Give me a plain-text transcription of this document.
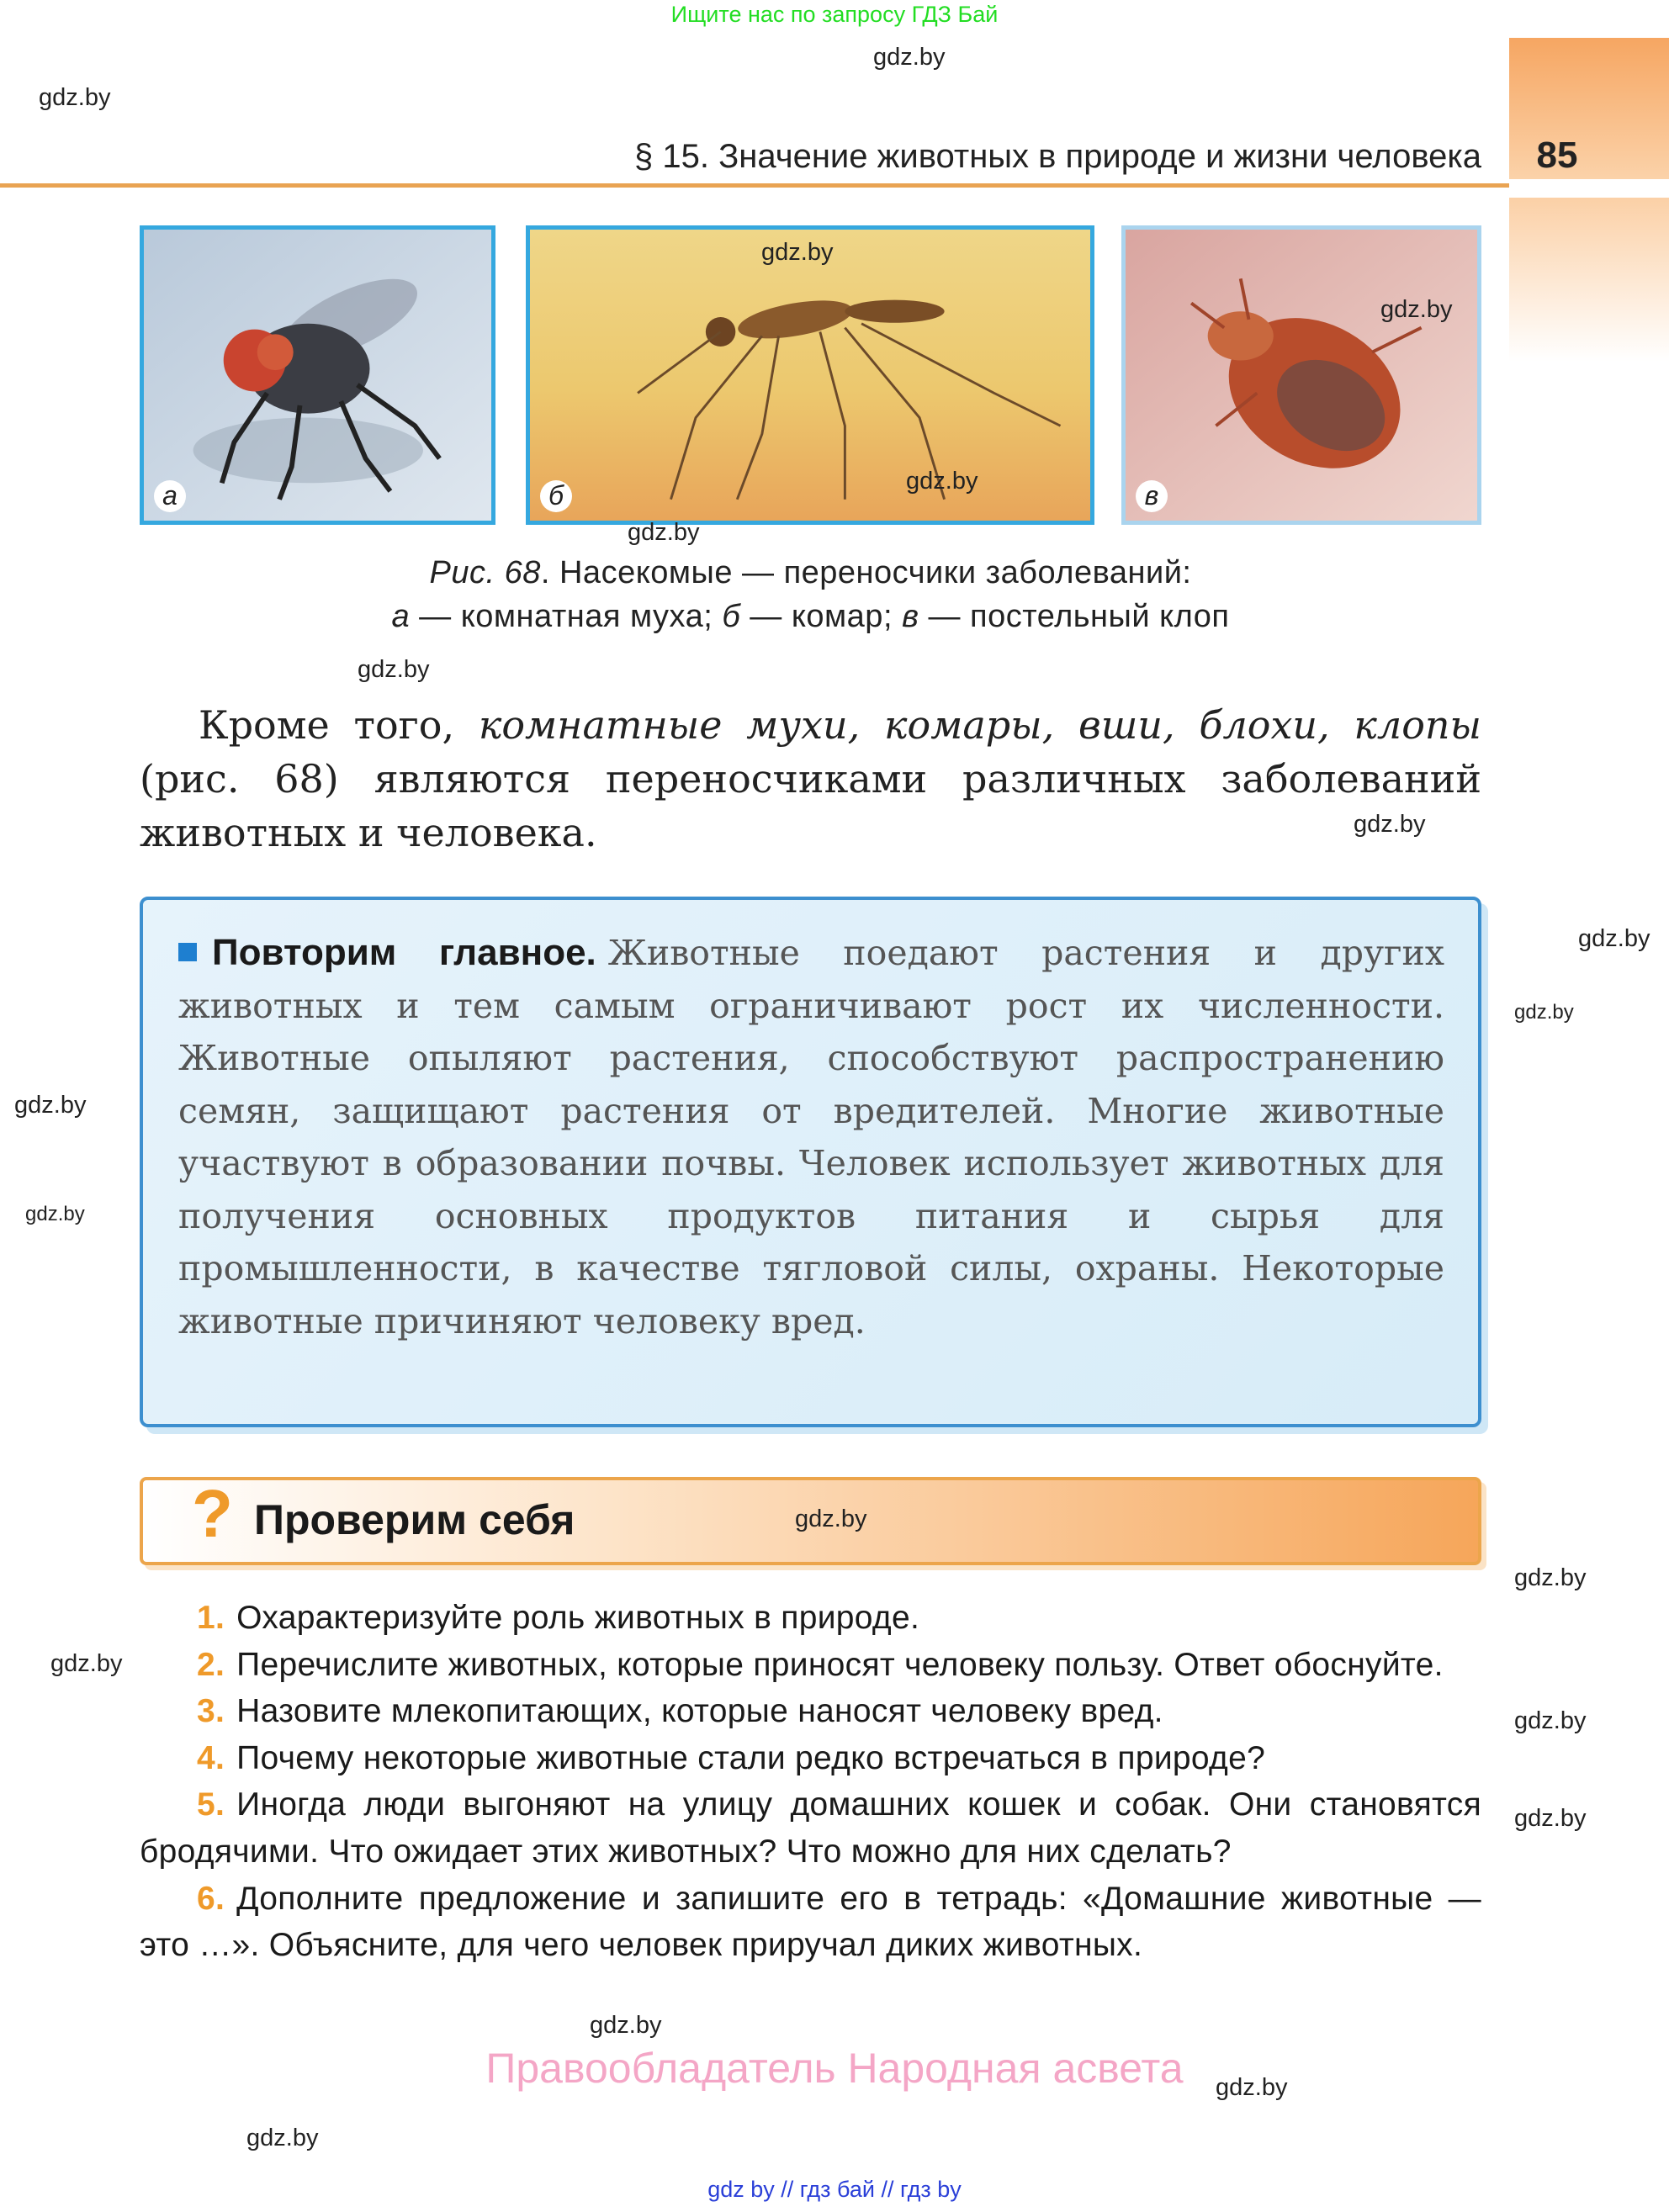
Ищите нас по запросу ГДЗ Бай
§ 15. Значение животных в природе и жизни человека	85
а	б	в
Рис. 68. Насекомые — переносчики заболеваний:
а — комнатная муха; б — комар; в — постельный клоп
Кроме того, комнатные мухи, комары, вши, блохи, клопы (рис. 68) являются переносчиками различных заболеваний животных и человека.

Повторим главное. Животные поедают растения и других животных и тем самым ограничивают рост их численности. Животные опыляют растения, способствуют распространению семян, защищают растения от вредителей. Многие животные участвуют в образовании почвы. Человек использует животных для получения основных продуктов питания и сырья для промышленности, в качестве тягловой силы, охраны. Некоторые животные причиняют человеку вред.

? Проверим себя

1. Охарактеризуйте роль животных в природе.

2. Перечислите животных, которые приносят человеку пользу. Ответ обоснуйте.

3. Назовите млекопитающих, которые наносят человеку вред.

4. Почему некоторые животные стали редко встречаться в природе?

5. Иногда люди выгоняют на улицу домашних кошек и собак. Они становятся бродячими. Что ожидает этих животных? Что можно для них сделать?

6. Дополните предложение и запишите его в тетрадь: «Домашние животные — это …». Объясните, для чего человек приручал диких животных.

Правообладатель Народная асвета
gdz by // гдз бай // гдз by
gdz.by
gdz.by
gdz.by
gdz.by
gdz.by
gdz.by
gdz.by
gdz.by
gdz.by
gdz.by
gdz.by
gdz.by
gdz.by
gdz.by
gdz.by
gdz.by
gdz.by
gdz.by
gdz.by
gdz.by
